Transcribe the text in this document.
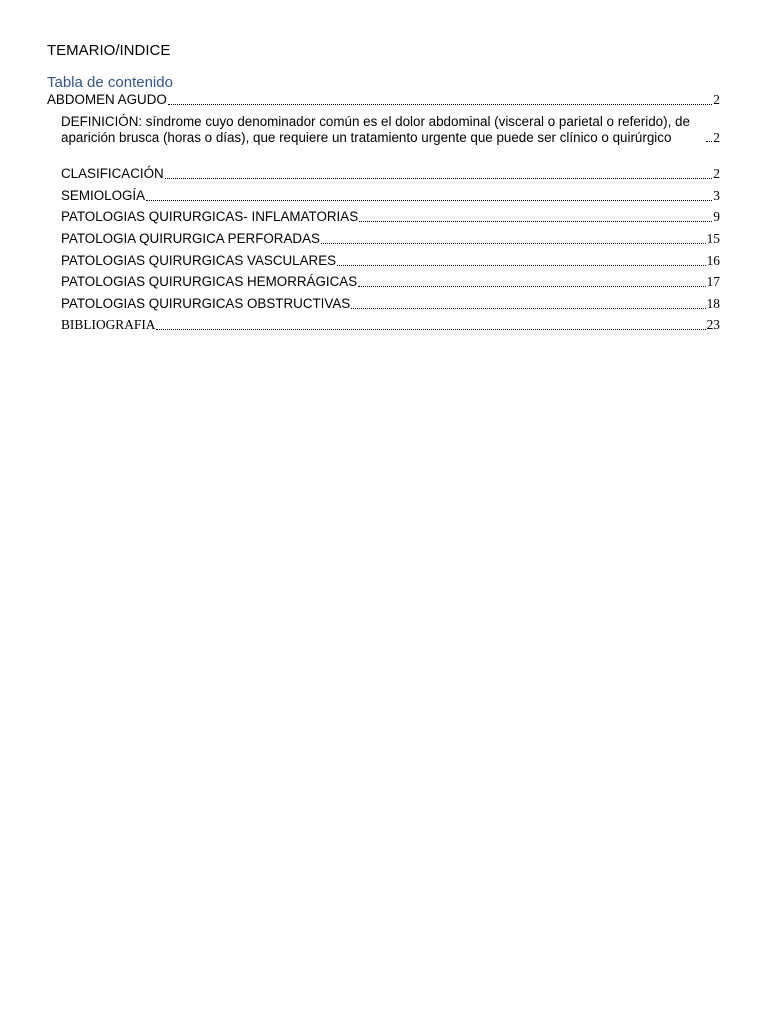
TEMARIO/INDICE
Tabla de contenido
ABDOMEN AGUDO	2
DEFINICIÓN: síndrome cuyo denominador común es el dolor abdominal (visceral o parietal o referido), de aparición brusca (horas o días), que requiere un tratamiento urgente que puede ser clínico o quirúrgico	2
CLASIFICACIÓN	2
SEMIOLOGÍA	3
PATOLOGIAS QUIRURGICAS- INFLAMATORIAS	9
PATOLOGIA QUIRURGICA PERFORADAS	15
PATOLOGIAS QUIRURGICAS VASCULARES	16
PATOLOGIAS QUIRURGICAS HEMORRÁGICAS	17
PATOLOGIAS QUIRURGICAS OBSTRUCTIVAS	18
BIBLIOGRAFIA	23
